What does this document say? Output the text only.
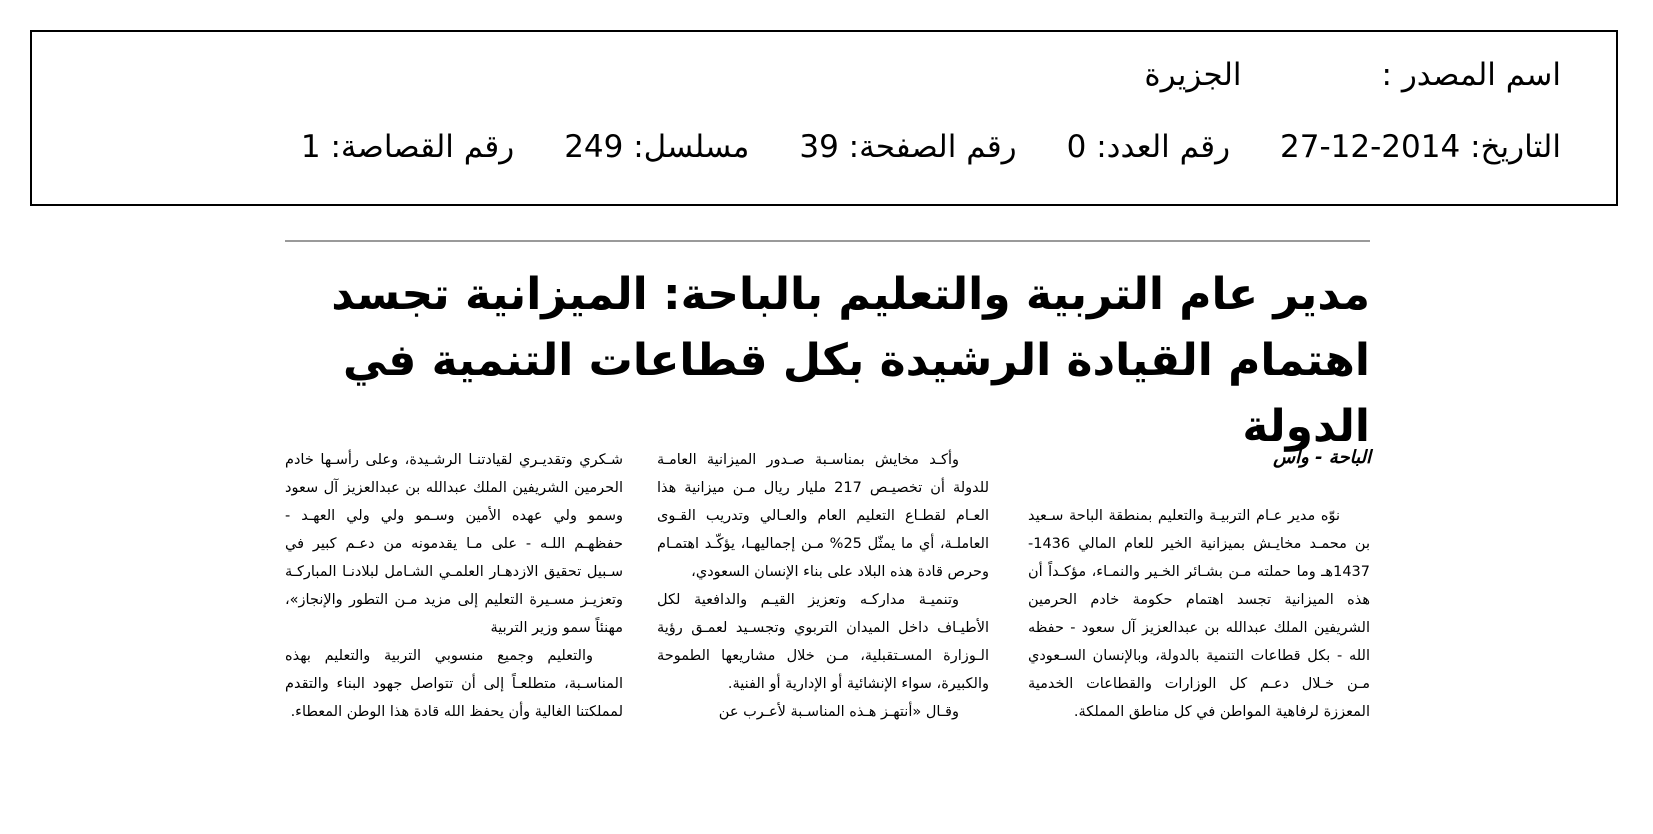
اسم المصدر :الجزيرة
التاريخ: 27-12-2014رقم العدد: 0رقم الصفحة: 39مسلسل: 249رقم القصاصة: 1
مدير عام التربية والتعليم بالباحة: الميزانية تجسد اهتمام القيادة الرشيدة بكل قطاعات التنمية في الدولة
الباحة - واس

نوّه مدير عـام التربيـة والتعليم بمنطقة الباحة سـعيد بن محمـد مخايـش بميزانية الخير للعام المالي 1436-1437هـ وما حملته مـن بشـائر الخـير والنمـاء، مؤكـداً أن هذه الميزانية تجسد اهتمام حكومة خادم الحرمين الشريفين الملك عبدالله بن عبدالعزيز آل سعود - حفظه الله - بكل قطاعات التنمية بالدولة، وبالإنسان السـعودي مـن خـلال دعـم كل الوزارات والقطاعات الخدمية المعززة لرفاهية المواطن في كل مناطق المملكة.

وأكـد مخايش بمناسـبة صـدور الميزانية العامـة للدولة أن تخصيـص 217 مليار ريال مـن ميزانية هذا العـام لقطـاع التعليم العام والعـالي وتدريب القـوى العاملـة، أي ما يمثّل 25% مـن إجماليهـا، يؤكّـد اهتمـام وحرص قادة هذه البلاد على بناء الإنسان السعودي،

وتنميـة مداركـه وتعزيز القيـم والدافعية لكل الأطيـاف داخل الميدان التربوي وتجسـيد لعمـق رؤية الـوزارة المسـتقبلية، مـن خلال مشاريعها الطموحة والكبيرة، سواء الإنشائية أو الإدارية أو الفنية.

وقـال «أنتهـز هـذه المناسـبة لأعـرب عن

شـكري وتقديـري لقيادتنـا الرشـيدة، وعلى رأسـها خادم الحرمين الشريفين الملك عبدالله بن عبدالعزيز آل سعود وسمو ولي عهده الأمين وسـمو ولي ولي العهـد - حفظهـم اللـه - على مـا يقدمونه من دعـم كبير في سـبيل تحقيق الازدهـار العلمـي الشـامل لبلادنـا المباركـة وتعزيـز مسـيرة التعليم إلى مزيد مـن التطور والإنجاز»، مهنئاً سمو وزير التربية

والتعليم وجميع منسوبي التربية والتعليم بهذه المناسـبة، متطلعـاً إلى أن تتواصل جهود البناء والتقدم لمملكتنا الغالية وأن يحفظ الله قادة هذا الوطن المعطاء.
